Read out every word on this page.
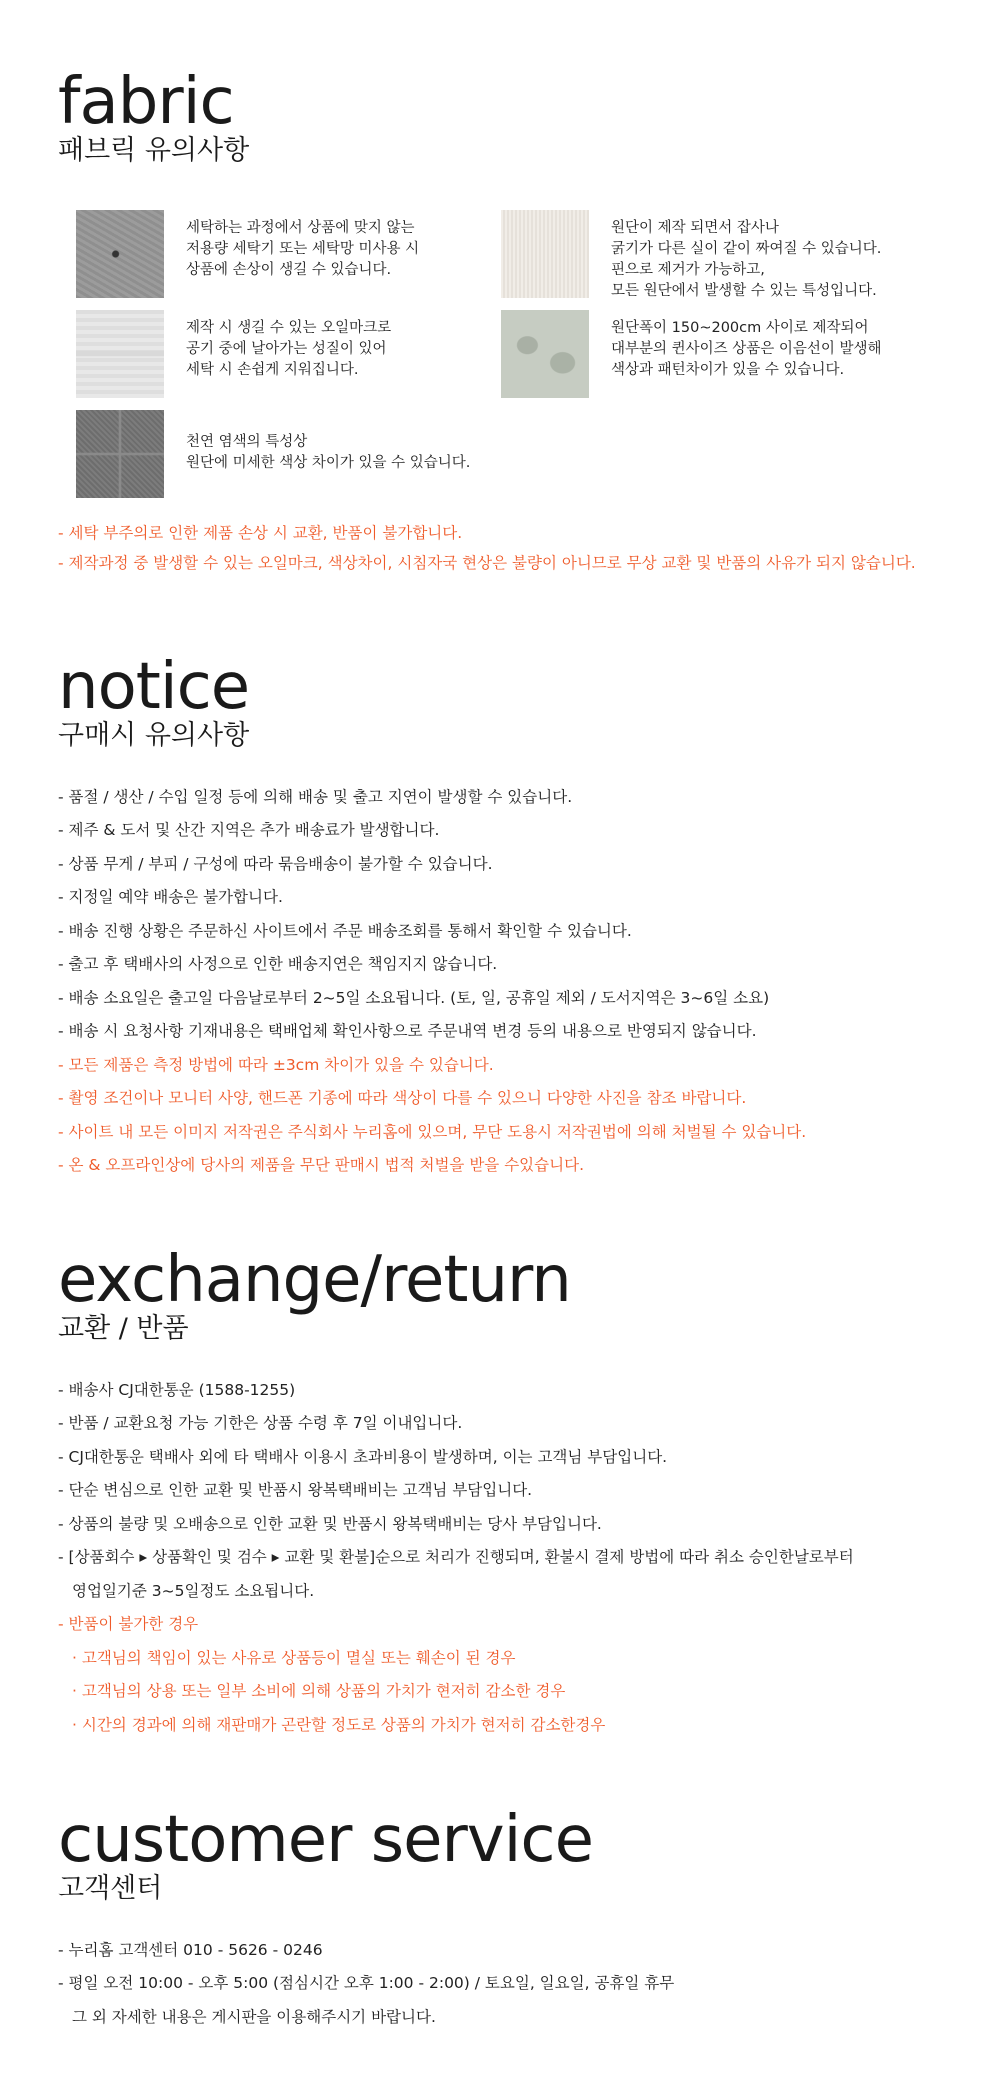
fabric
패브릭 유의사항
세탁하는 과정에서 상품에 맞지 않는
저용량 세탁기 또는 세탁망 미사용 시
상품에 손상이 생길 수 있습니다.
원단이 제작 되면서 잡사나
굵기가 다른 실이 같이 짜여질 수 있습니다.
핀으로 제거가 가능하고,
모든 원단에서 발생할 수 있는 특성입니다.
제작 시 생길 수 있는 오일마크로
공기 중에 날아가는 성질이 있어
세탁 시 손쉽게 지워집니다.
원단폭이 150~200cm 사이로 제작되어
대부분의 퀸사이즈 상품은 이음선이 발생해
색상과 패턴차이가 있을 수 있습니다.
천연 염색의 특성상
원단에 미세한 색상 차이가 있을 수 있습니다.
- 세탁 부주의로 인한 제품 손상 시 교환, 반품이 불가합니다.
- 제작과정 중 발생할 수 있는 오일마크, 색상차이, 시침자국 현상은 불량이 아니므로 무상 교환 및 반품의 사유가 되지 않습니다.
notice
구매시 유의사항
- 품절 / 생산 / 수입 일정 등에 의해 배송 및 출고 지연이 발생할 수 있습니다.
- 제주 & 도서 및 산간 지역은 추가 배송료가 발생합니다.
- 상품 무게 / 부피 / 구성에 따라 묶음배송이 불가할 수 있습니다.
- 지정일 예약 배송은 불가합니다.
- 배송 진행 상황은 주문하신 사이트에서 주문 배송조회를 통해서 확인할 수 있습니다.
- 출고 후 택배사의 사정으로 인한 배송지연은 책임지지 않습니다.
- 배송 소요일은 출고일 다음날로부터 2~5일 소요됩니다. (토, 일, 공휴일 제외 / 도서지역은 3~6일 소요)
- 배송 시 요청사항 기재내용은 택배업체 확인사항으로 주문내역 변경 등의 내용으로 반영되지 않습니다.
- 모든 제품은 측정 방법에 따라 ±3cm 차이가 있을 수 있습니다.
- 촬영 조건이나 모니터 사양, 핸드폰 기종에 따라 색상이 다를 수 있으니 다양한 사진을 참조 바랍니다.
- 사이트 내 모든 이미지 저작권은 주식회사 누리홈에 있으며, 무단 도용시 저작권법에 의해 처벌될 수 있습니다.
- 온 & 오프라인상에 당사의 제품을 무단 판매시 법적 처벌을 받을 수있습니다.
exchange/return
교환 / 반품
- 배송사 CJ대한통운 (1588-1255)
- 반품 / 교환요청 가능 기한은 상품 수령 후 7일 이내입니다.
- CJ대한통운 택배사 외에 타 택배사 이용시 초과비용이 발생하며, 이는 고객님 부담입니다.
- 단순 변심으로 인한 교환 및 반품시 왕복택배비는 고객님 부담입니다.
- 상품의 불량 및 오배송으로 인한 교환 및 반품시 왕복택배비는 당사 부담입니다.
- [상품회수 ▸ 상품확인 및 검수 ▸ 교환 및 환불]순으로 처리가 진행되며, 환불시 결제 방법에 따라 취소 승인한날로부터
영업일기준 3~5일정도 소요됩니다.
- 반품이 불가한 경우
· 고객님의 책임이 있는 사유로 상품등이 멸실 또는 훼손이 된 경우
· 고객님의 상용 또는 일부 소비에 의해 상품의 가치가 현저히 감소한 경우
· 시간의 경과에 의해 재판매가 곤란할 정도로 상품의 가치가 현저히 감소한경우
customer service
고객센터
- 누리홈 고객센터 010 - 5626 - 0246
- 평일 오전 10:00 - 오후 5:00 (점심시간 오후 1:00 - 2:00) / 토요일, 일요일, 공휴일 휴무
그 외 자세한 내용은 게시판을 이용해주시기 바랍니다.
